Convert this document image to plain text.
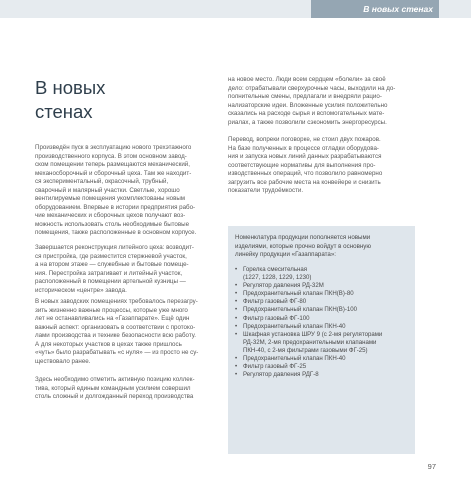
В новых стенах
В новых
стенах
Произведён пуск в эксплуатацию нового трехэтажного
производственного корпуса. В этом основном завод-
ском помещении теперь размещаются механический,
механосборочный и сборочный цеха. Там же находит-
ся экспериментальный, окрасочный, трубный,
сварочный и малярный участки. Светлые, хорошо
вентилируемые помещения укомплектованы новым
оборудованием. Впервые в истории предприятия рабо-
чие механических и сборочных цехов получают воз-
можность использовать столь необходимые бытовые
помещения, также расположенные в основном корпусе.
Завершается реконструкция литейного цеха: возводит-
ся пристройка, где разместится стержневой участок,
а на втором этаже — служебные и бытовые помеще-
ния. Перестройка затрагивает и литейный участок,
расположенный в помещении артельной кузницы —
историческом «центре» завода.
В новых заводских помещениях требовалось перезагру-
зить жизненно важные процессы, которые уже много
лет не останавливались на «Газаппарате». Ещё один
важный аспект: организовать в соответствии с протоко-
лами производства и технике безопасности всю работу.
А для некоторых участков в цехах также пришлось
«чуть» было разрабатывать «с нуля» — из просто не су-
ществовало ранее.
Здесь необходимо отметить активную позицию коллек-
тива, который единым командным усилием совершил
столь сложный и долгожданный переход производства
на новое место. Люди всем сердцем «болели» за своё
дело: отрабатывали сверхурочные часы, выходили на до-
полнительные смены, предлагали и внедряли рацио-
нализаторские идеи. Вложенные усилия положительно
сказались на расходе сырья и вспомогательных мате-
риалах, а также позволили сэкономить энергоресурсы.
Перевод, вопреки поговорке, не стоил двух пожаров.
На базе полученных в процессе отладки оборудова-
ния и запуска новых линий данных разрабатываются
соответствующие нормативы для выполнения про-
изводственных операций, что позволило равномерно
загрузить все рабочие места на конвейере и снизить
показатели трудоёмкости.
Номенклатура продукции пополняется новыми
изделиями, которые прочно войдут в основную
линейку продукции «Газаппарата»:
• Горелка смесительная
(1227, 1228, 1229, 1230)
• Регулятор давления РД-32М
• Предохранительный клапан ПКН(В)-80
• Фильтр газовый ФГ-80
• Предохранительный клапан ПКН(В)-100
• Фильтр газовый ФГ-100
• Предохранительный клапан ПКН-40
• Шкафная установка ШРУ 9 (с 2-мя регуляторами
РД-32М, 2-мя предохранительными клапанами
ПКН-40, с 2-мя фильтрами газовыми ФГ-25)
• Предохранительный клапан ПКН-40
• Фильтр газовый ФГ-25
• Регулятор давления РДГ-8
97
